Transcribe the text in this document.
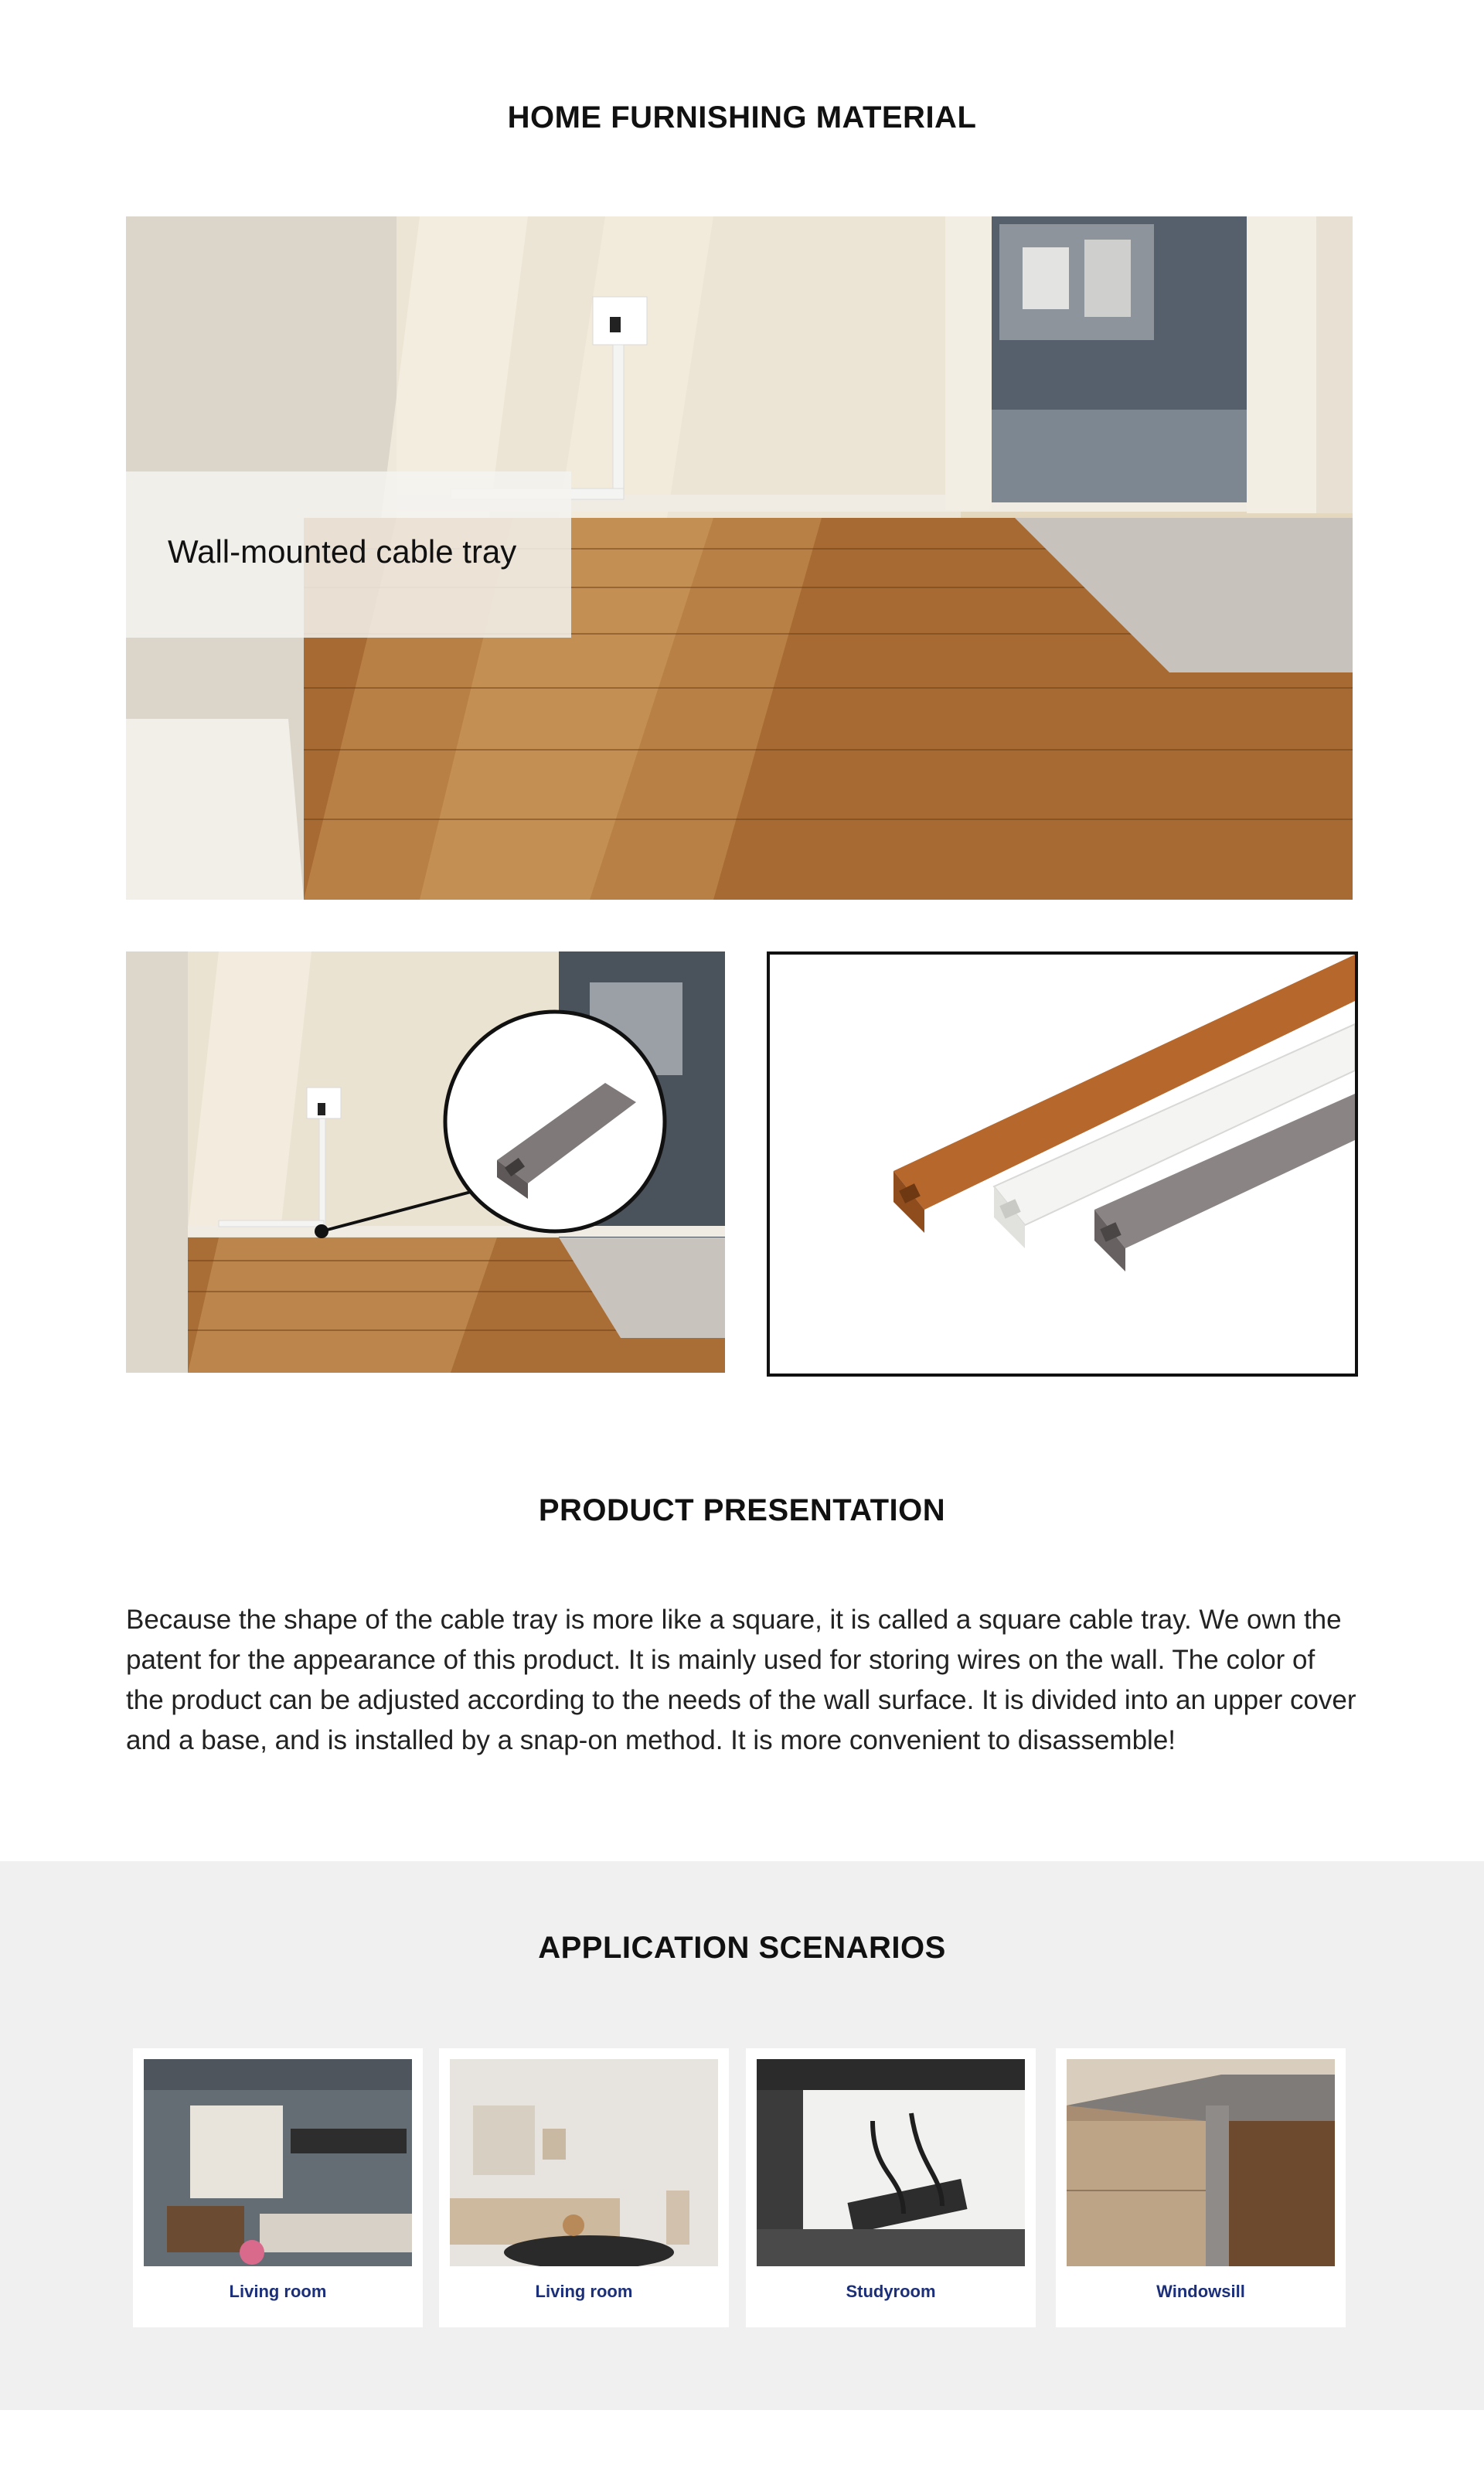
HOME FURNISHING MATERIAL
Wall-mounted cable tray
PRODUCT PRESENTATION
Because the shape of the cable tray is more like a square, it is called a square cable tray. We own the patent for the appearance of this product. It is mainly used for storing wires on the wall. The color of the product can be adjusted according to the needs of the wall surface. It is divided into an upper cover and a base, and is installed by a snap-on method. It is more convenient to disassemble!
APPLICATION SCENARIOS
Living room	Living room	Studyroom	Windowsill
